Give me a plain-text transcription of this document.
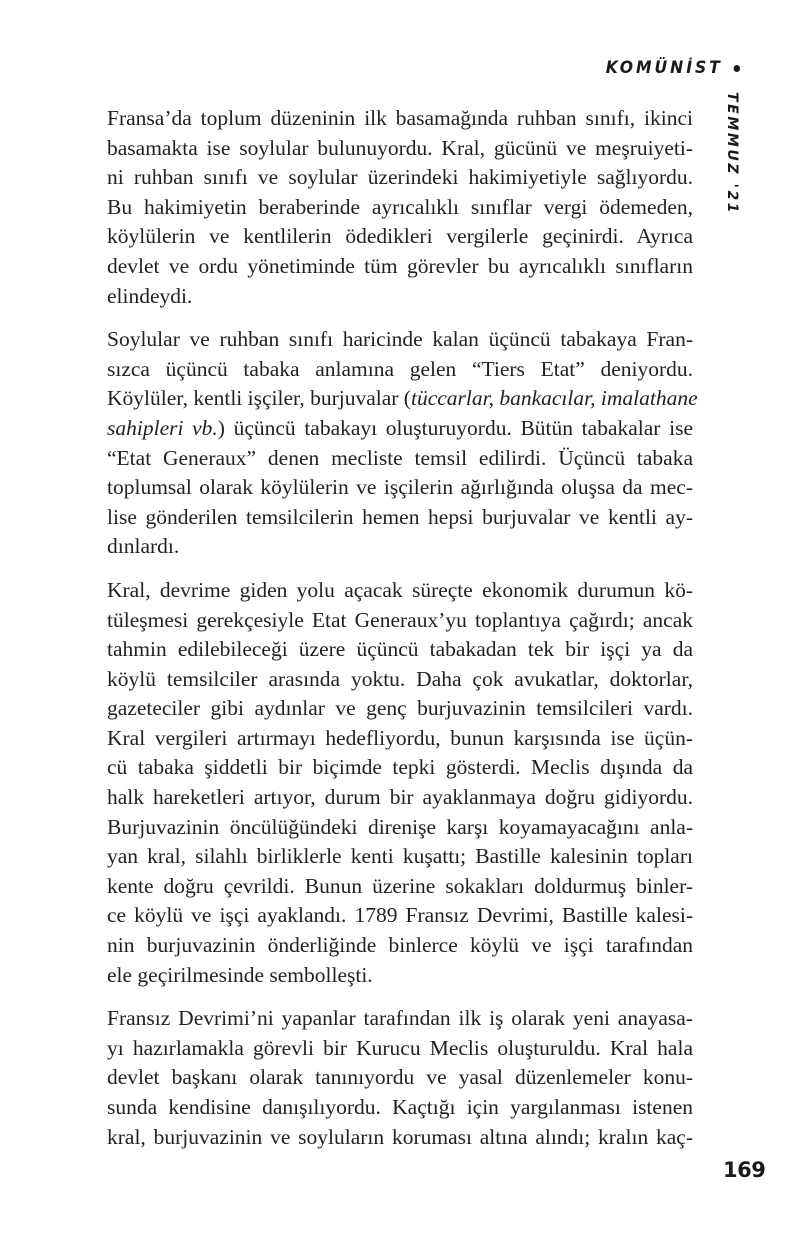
KOMÜNİST
TEMMUZ '21
Fransa’da toplum düzeninin ilk basamağında ruhban sınıfı, ikinci
basamakta ise soylular bulunuyordu. Kral, gücünü ve meşruiyeti-
ni ruhban sınıfı ve soylular üzerindeki hakimiyetiyle sağlıyordu.
Bu hakimiyetin beraberinde ayrıcalıklı sınıflar vergi ödemeden,
köylülerin ve kentlilerin ödedikleri vergilerle geçinirdi. Ayrıca
devlet ve ordu yönetiminde tüm görevler bu ayrıcalıklı sınıfların
elindeydi.
Soylular ve ruhban sınıfı haricinde kalan üçüncü tabakaya Fran-
sızca üçüncü tabaka anlamına gelen “Tiers Etat” deniyordu.
Köylüler, kentli işçiler, burjuvalar (tüccarlar, bankacılar, imalathane
sahipleri vb.) üçüncü tabakayı oluşturuyordu. Bütün tabakalar ise
“Etat Generaux” denen mecliste temsil edilirdi. Üçüncü tabaka
toplumsal olarak köylülerin ve işçilerin ağırlığında oluşsa da mec-
lise gönderilen temsilcilerin hemen hepsi burjuvalar ve kentli ay-
dınlardı.
Kral, devrime giden yolu açacak süreçte ekonomik durumun kö-
tüleşmesi gerekçesiyle Etat Generaux’yu toplantıya çağırdı; ancak
tahmin edilebileceği üzere üçüncü tabakadan tek bir işçi ya da
köylü temsilciler arasında yoktu. Daha çok avukatlar, doktorlar,
gazeteciler gibi aydınlar ve genç burjuvazinin temsilcileri vardı.
Kral vergileri artırmayı hedefliyordu, bunun karşısında ise üçün-
cü tabaka şiddetli bir biçimde tepki gösterdi. Meclis dışında da
halk hareketleri artıyor, durum bir ayaklanmaya doğru gidiyordu.
Burjuvazinin öncülüğündeki direnişe karşı koyamayacağını anla-
yan kral, silahlı birliklerle kenti kuşattı; Bastille kalesinin topları
kente doğru çevrildi. Bunun üzerine sokakları doldurmuş binler-
ce köylü ve işçi ayaklandı. 1789 Fransız Devrimi, Bastille kalesi-
nin burjuvazinin önderliğinde binlerce köylü ve işçi tarafından
ele geçirilmesinde sembolleşti.
Fransız Devrimi’ni yapanlar tarafından ilk iş olarak yeni anayasa-
yı hazırlamakla görevli bir Kurucu Meclis oluşturuldu. Kral hala
devlet başkanı olarak tanınıyordu ve yasal düzenlemeler konu-
sunda kendisine danışılıyordu. Kaçtığı için yargılanması istenen
kral, burjuvazinin ve soyluların koruması altına alındı; kralın kaç-
169
